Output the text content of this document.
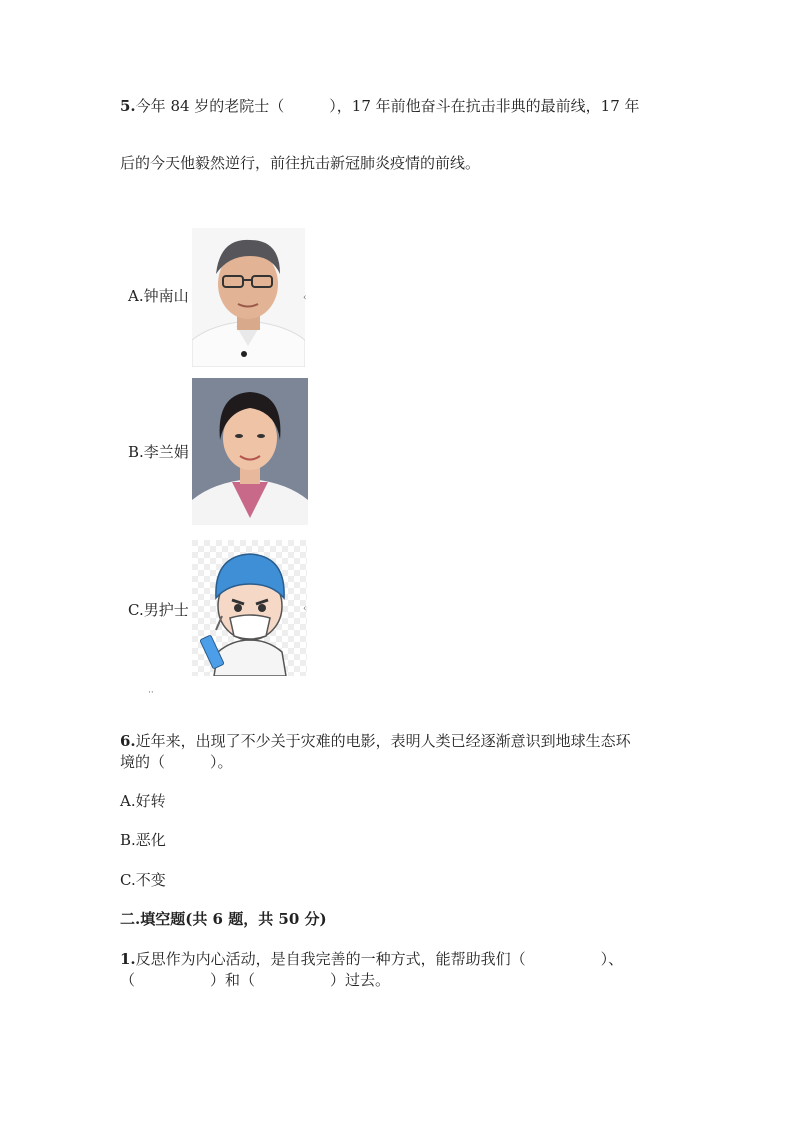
5.今年 84 岁的老院士（　　　），17 年前他奋斗在抗击非典的最前线，17 年
后的今天他毅然逆行，前往抗击新冠肺炎疫情的前线。
A.钟南山	‹
B.李兰娟
C.男护士	‹
··
6.近年来，出现了不少关于灾难的电影，表明人类已经逐渐意识到地球生态环
境的（　　　）。
A.好转
B.恶化
C.不变
二.填空题(共 6 题，共 50 分)
1.反思作为内心活动，是自我完善的一种方式，能帮助我们（　　　　　）、
（　　　　　）和（　　　　　）过去。
